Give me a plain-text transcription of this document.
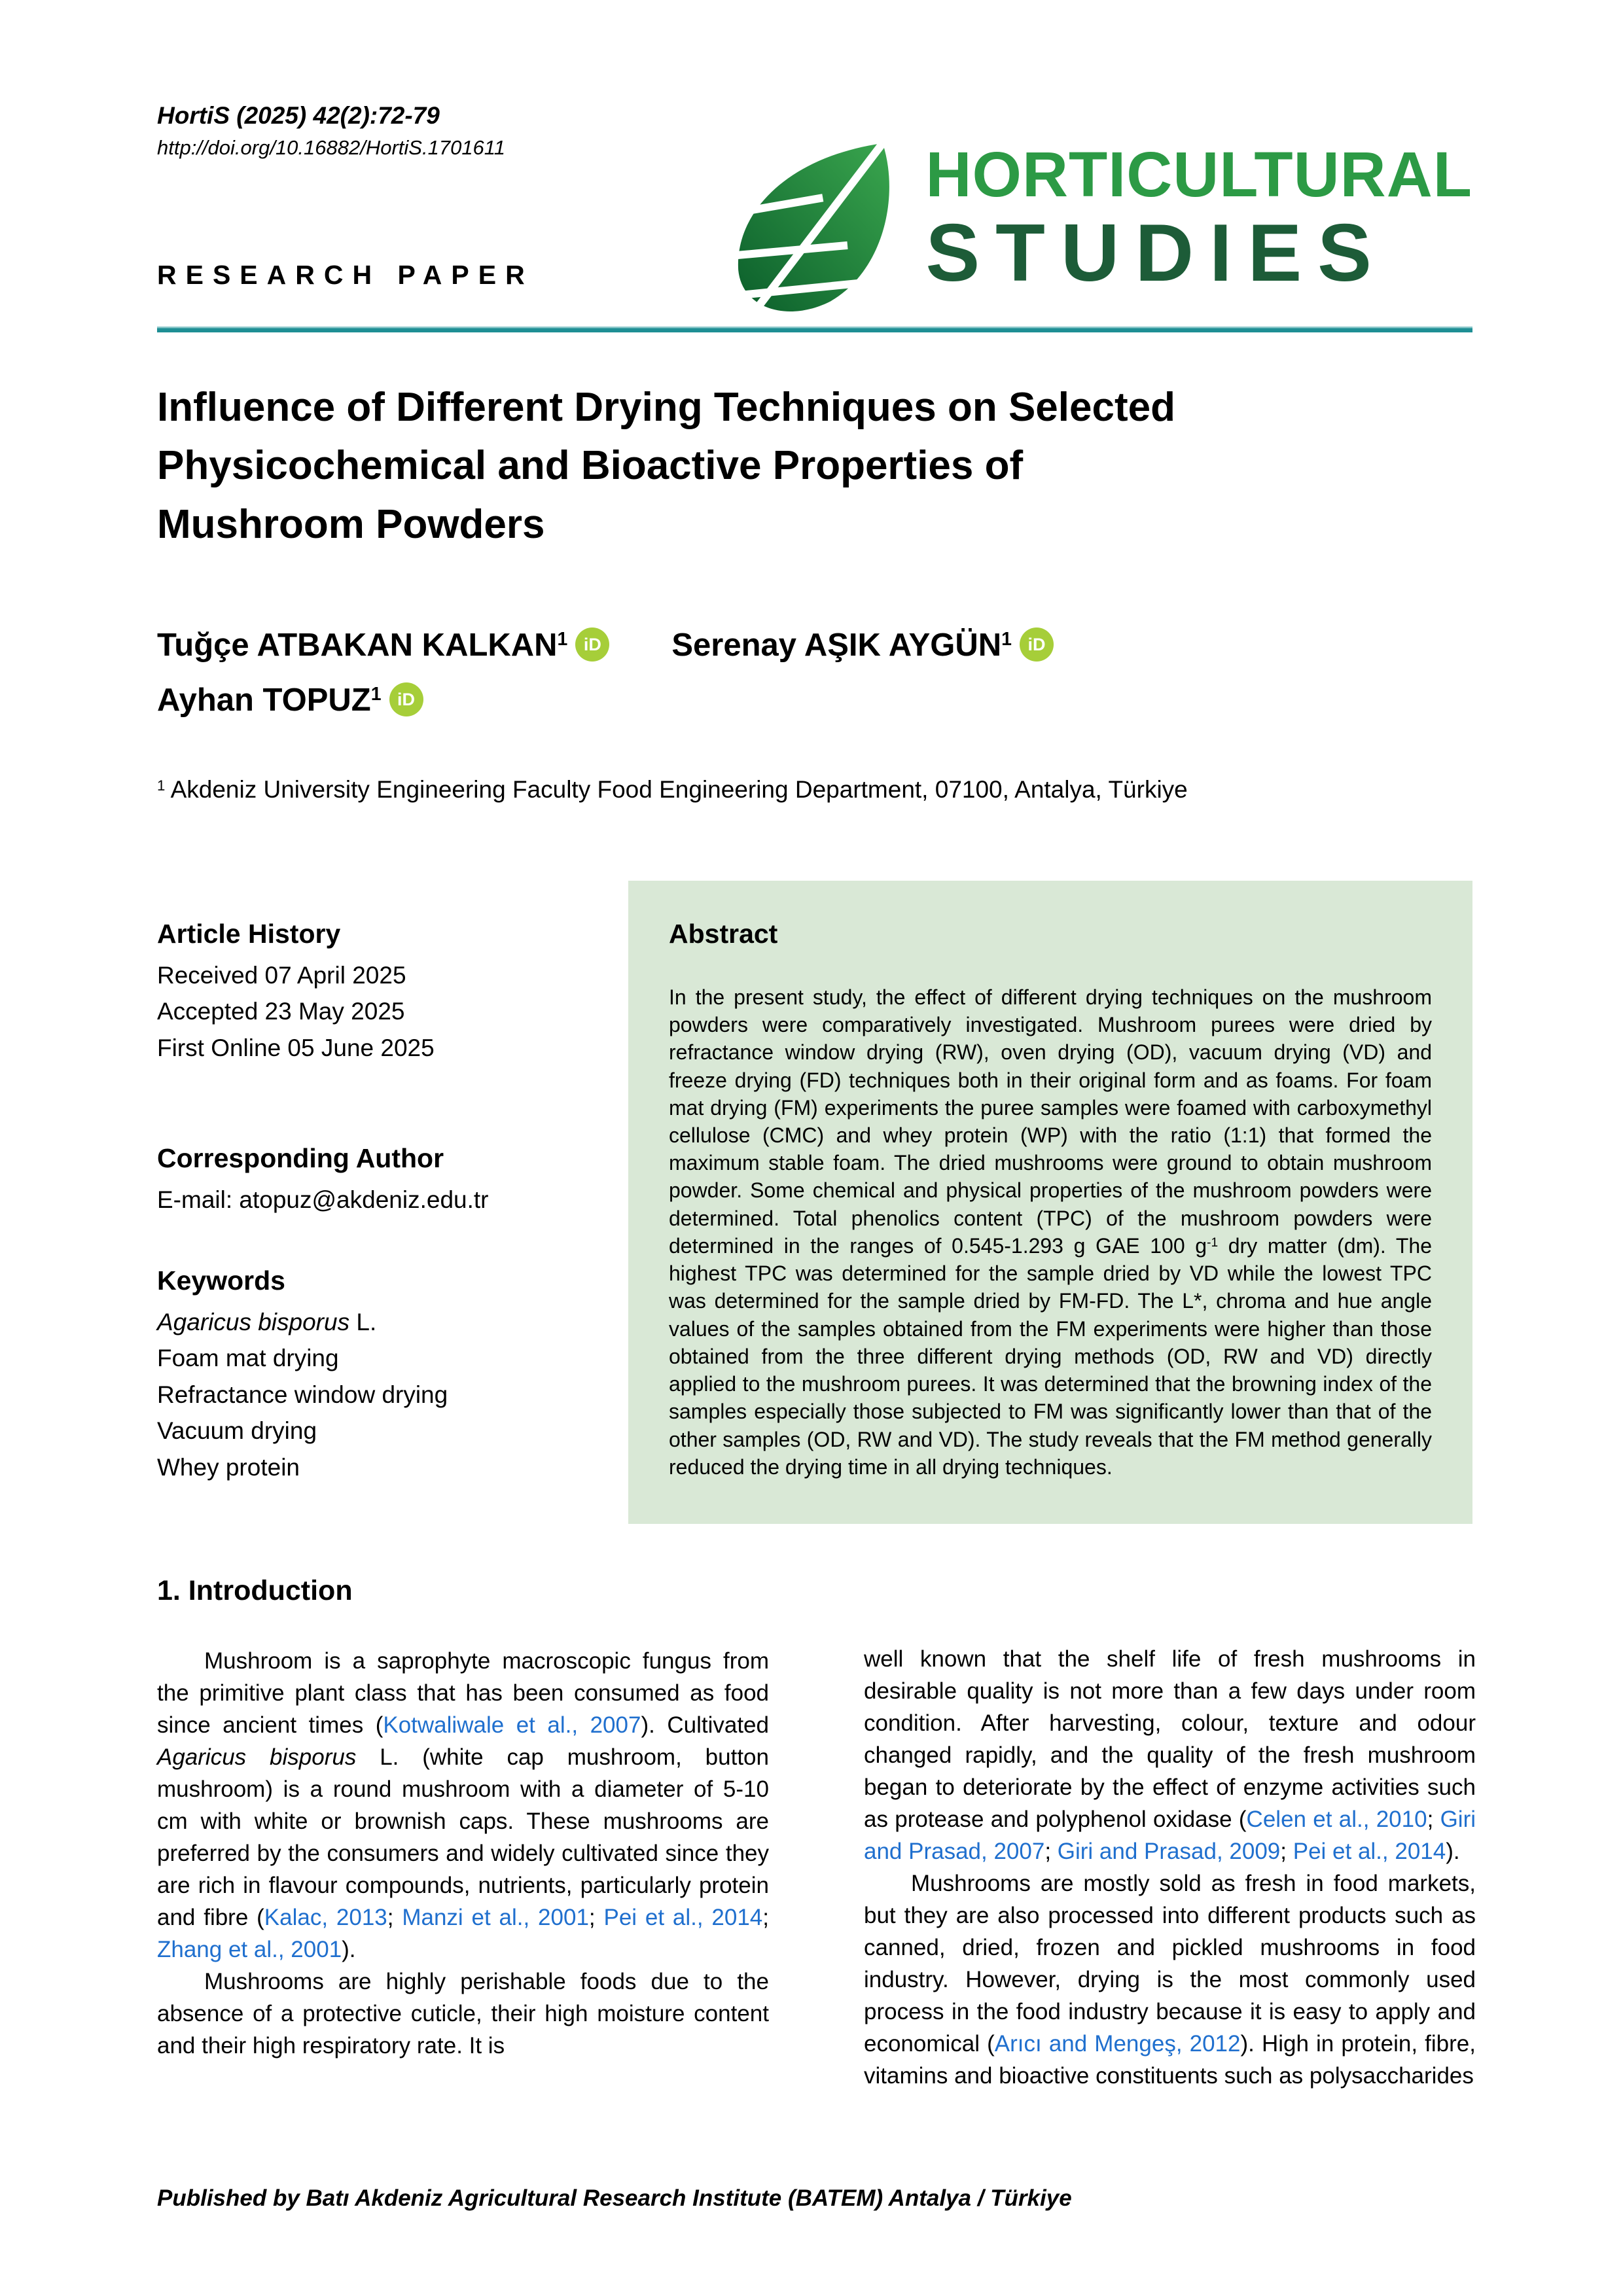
HortiS (2025) 42(2):72-79
http://doi.org/10.16882/HortiS.1701611
RESEARCH PAPER
HORTICULTURAL
STUDIES
Influence of Different Drying Techniques on Selected
Physicochemical and Bioactive Properties of
Mushroom Powders
Tuğçe ATBAKAN KALKAN$^1$ iD Serenay AŞIK AYGÜN$^1$ iD
Ayhan TOPUZ$^1$ iD
$^1$ Akdeniz University Engineering Faculty Food Engineering Department, 07100, Antalya, Türkiye
Article History
Received 07 April 2025
Accepted 23 May 2025
First Online 05 June 2025
Corresponding Author
E-mail: atopuz@akdeniz.edu.tr
Keywords
Agaricus bisporus L.
Foam mat drying
Refractance window drying
Vacuum drying
Whey protein
Abstract
In the present study, the effect of different drying techniques on the mushroom powders were comparatively investigated. Mushroom purees were dried by refractance window drying (RW), oven drying (OD), vacuum drying (VD) and freeze drying (FD) techniques both in their original form and as foams. For foam mat drying (FM) experiments the puree samples were foamed with carboxymethyl cellulose (CMC) and whey protein (WP) with the ratio (1:1) that formed the maximum stable foam. The dried mushrooms were ground to obtain mushroom powder. Some chemical and physical properties of the mushroom powders were determined. Total phenolics content (TPC) of the mushroom powders were determined in the ranges of 0.545-1.293 g GAE 100 $g^{-1}$ dry matter (dm). The highest TPC was determined for the sample dried by VD while the lowest TPC was determined for the sample dried by FM-FD. The L*, chroma and hue angle values of the samples obtained from the FM experiments were higher than those obtained from the three different drying methods (OD, RW and VD) directly applied to the mushroom purees. It was determined that the browning index of the samples especially those subjected to FM was significantly lower than that of the other samples (OD, RW and VD). The study reveals that the FM method generally reduced the drying time in all drying techniques.
1. Introduction

Mushroom is a saprophyte macroscopic fungus from the primitive plant class that has been consumed as food since ancient times (Kotwaliwale et al., 2007). Cultivated Agaricus bisporus L. (white cap mushroom, button mushroom) is a round mushroom with a diameter of 5-10 cm with white or brownish caps. These mushrooms are preferred by the consumers and widely cultivated since they are rich in flavour compounds, nutrients, particularly protein and fibre (Kalac, 2013; Manzi et al., 2001; Pei et al., 2014; Zhang et al., 2001).

Mushrooms are highly perishable foods due to the absence of a protective cuticle, their high moisture content and their high respiratory rate. It is

well known that the shelf life of fresh mushrooms in desirable quality is not more than a few days under room condition. After harvesting, colour, texture and odour changed rapidly, and the quality of the fresh mushroom began to deteriorate by the effect of enzyme activities such as protease and polyphenol oxidase (Celen et al., 2010; Giri and Prasad, 2007; Giri and Prasad, 2009; Pei et al., 2014).

Mushrooms are mostly sold as fresh in food markets, but they are also processed into different products such as canned, dried, frozen and pickled mushrooms in food industry. However, drying is the most commonly used process in the food industry because it is easy to apply and economical (Arıcı and Mengeş, 2012). High in protein, fibre, vitamins and bioactive constituents such as polysaccharides

Published by Batı Akdeniz Agricultural Research Institute (BATEM) Antalya / Türkiye
